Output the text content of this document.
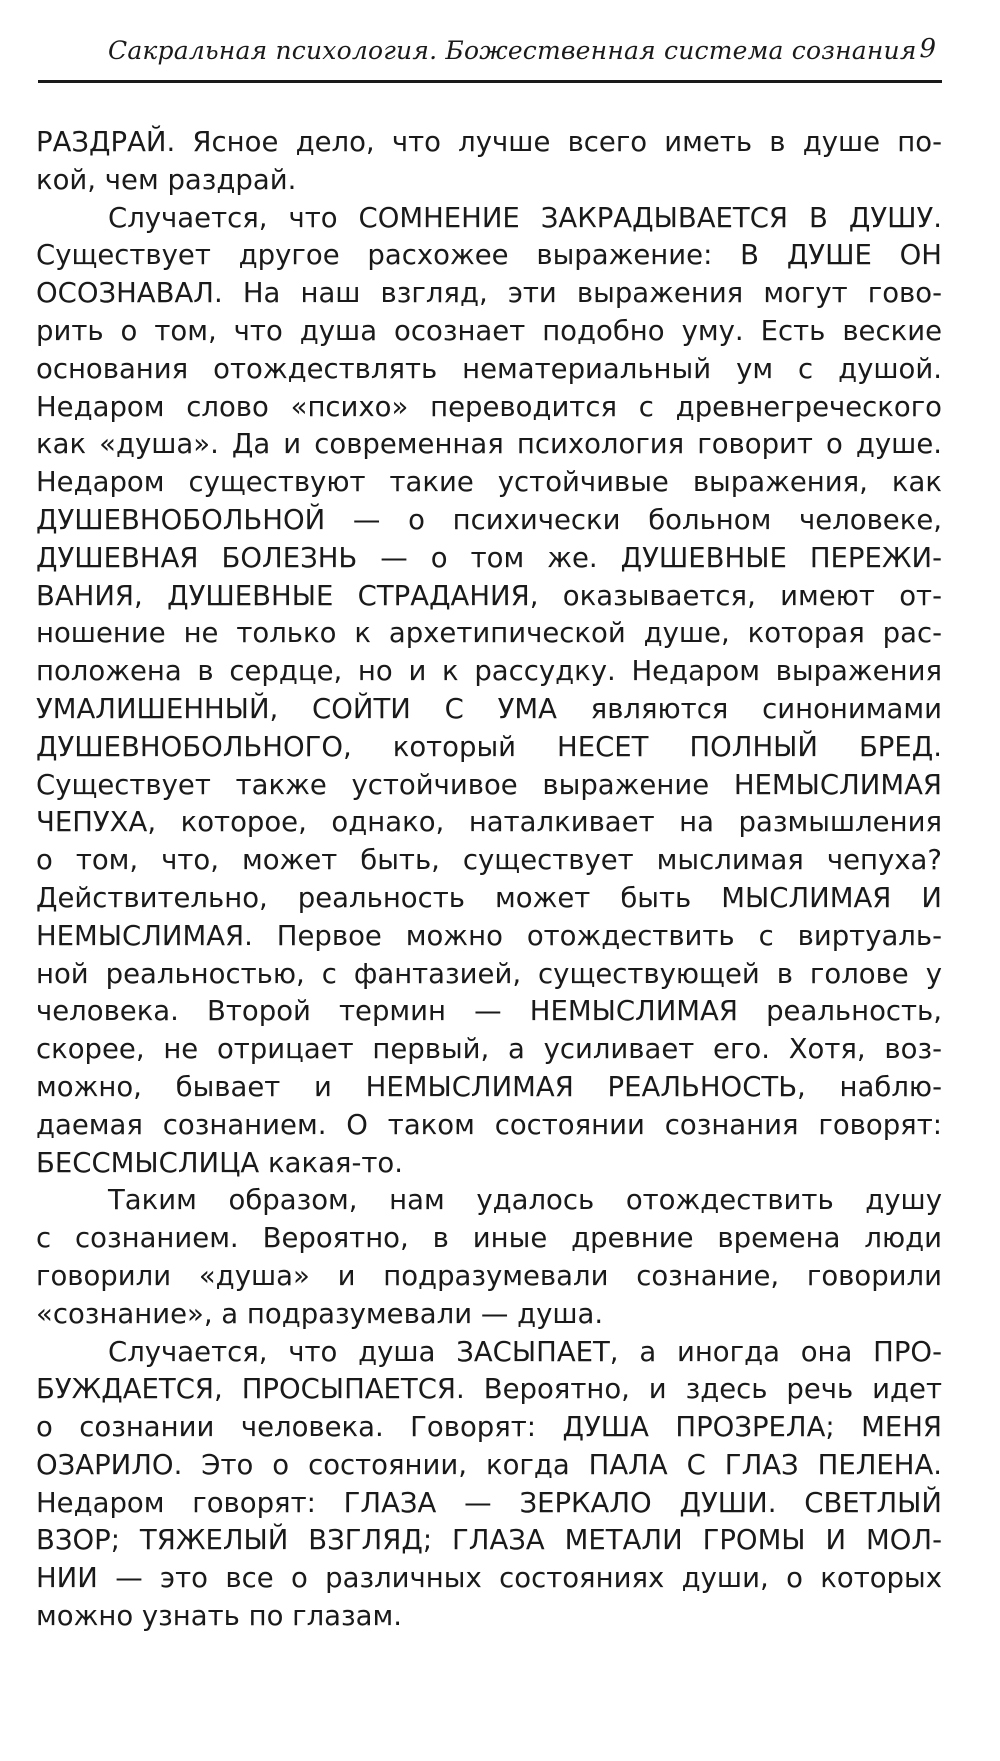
Сакральная психология. Божественная система сознания 9
РАЗДРАЙ. Ясное дело, что лучше всего иметь в душе по-
кой, чем раздрай.
Случается, что СОМНЕНИЕ ЗАКРАДЫВАЕТСЯ В ДУШУ.
Существует другое расхожее выражение: В ДУШЕ ОН
ОСОЗНАВАЛ. На наш взгляд, эти выражения могут гово-
рить о том, что душа осознает подобно уму. Есть веские
основания отождествлять нематериальный ум с душой.
Недаром слово «психо» переводится с древнегреческого
как «душа». Да и современная психология говорит о душе.
Недаром существуют такие устойчивые выражения, как
ДУШЕВНОБОЛЬНОЙ — о психически больном человеке,
ДУШЕВНАЯ БОЛЕЗНЬ — о том же. ДУШЕВНЫЕ ПЕРЕЖИ-
ВАНИЯ, ДУШЕВНЫЕ СТРАДАНИЯ, оказывается, имеют от-
ношение не только к архетипической душе, которая рас-
положена в сердце, но и к рассудку. Недаром выражения
УМАЛИШЕННЫЙ, СОЙТИ С УМА являются синонимами
ДУШЕВНОБОЛЬНОГО, который НЕСЕТ ПОЛНЫЙ БРЕД.
Существует также устойчивое выражение НЕМЫСЛИМАЯ
ЧЕПУХА, которое, однако, наталкивает на размышления
о том, что, может быть, существует мыслимая чепуха?
Действительно, реальность может быть МЫСЛИМАЯ И
НЕМЫСЛИМАЯ. Первое можно отождествить с виртуаль-
ной реальностью, с фантазией, существующей в голове у
человека. Второй термин — НЕМЫСЛИМАЯ реальность,
скорее, не отрицает первый, а усиливает его. Хотя, воз-
можно, бывает и НЕМЫСЛИМАЯ РЕАЛЬНОСТЬ, наблю-
даемая сознанием. О таком состоянии сознания говорят:
БЕССМЫСЛИЦА какая-то.
Таким образом, нам удалось отождествить душу
с сознанием. Вероятно, в иные древние времена люди
говорили «душа» и подразумевали сознание, говорили
«сознание», а подразумевали — душа.
Случается, что душа ЗАСЫПАЕТ, а иногда она ПРО-
БУЖДАЕТСЯ, ПРОСЫПАЕТСЯ. Вероятно, и здесь речь идет
о сознании человека. Говорят: ДУША ПРОЗРЕЛА; МЕНЯ
ОЗАРИЛО. Это о состоянии, когда ПАЛА С ГЛАЗ ПЕЛЕНА.
Недаром говорят: ГЛАЗА — ЗЕРКАЛО ДУШИ. СВЕТЛЫЙ
ВЗОР; ТЯЖЕЛЫЙ ВЗГЛЯД; ГЛАЗА МЕТАЛИ ГРОМЫ И МОЛ-
НИИ — это все о различных состояниях души, о которых
можно узнать по глазам.
